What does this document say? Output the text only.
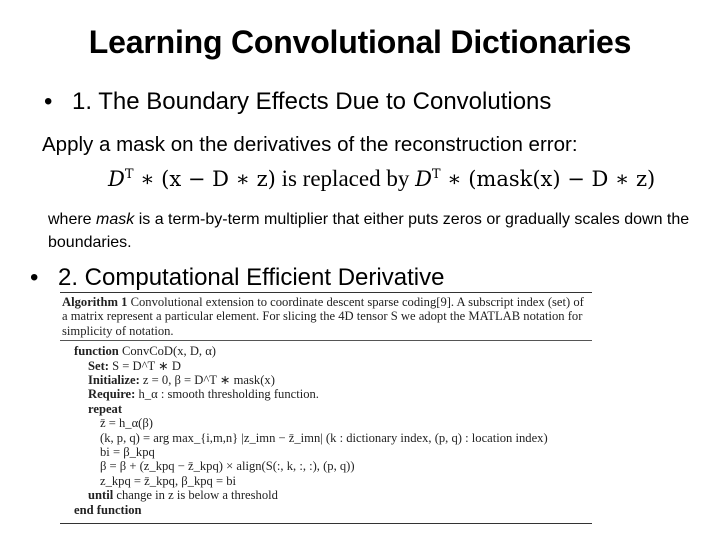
Learning Convolutional Dictionaries
• 1. The Boundary Effects Due to Convolutions
Apply a mask on the derivatives of the reconstruction error:
$D^T$ ∗ (x − D ∗ z) is replaced by $D^T$ ∗ (mask(x) − D ∗ z)
where mask is a term-by-term multiplier that either puts zeros or gradually scales down the boundaries.
• 2. Computational Efficient Derivative
Algorithm 1 Convolutional extension to coordinate descent sparse coding[9]. A subscript index (set) of a matrix represent a particular element. For slicing the 4D tensor S we adopt the MATLAB notation for simplicity of notation.
function ConvCoD(x, D, α)
Set: S = D^T ∗ D
Initialize: z = 0, β = D^T ∗ mask(x)
Require: h_α : smooth thresholding function.
repeat
z̄ = h_α(β)
(k, p, q) = arg max_{i,m,n} |z_imn − z̄_imn| (k : dictionary index, (p, q) : location index)
bi = β_kpq
β = β + (z_kpq − z̄_kpq) × align(S(:, k, :, :), (p, q))
z_kpq = z̄_kpq, β_kpq = bi
until change in z is below a threshold
end function
